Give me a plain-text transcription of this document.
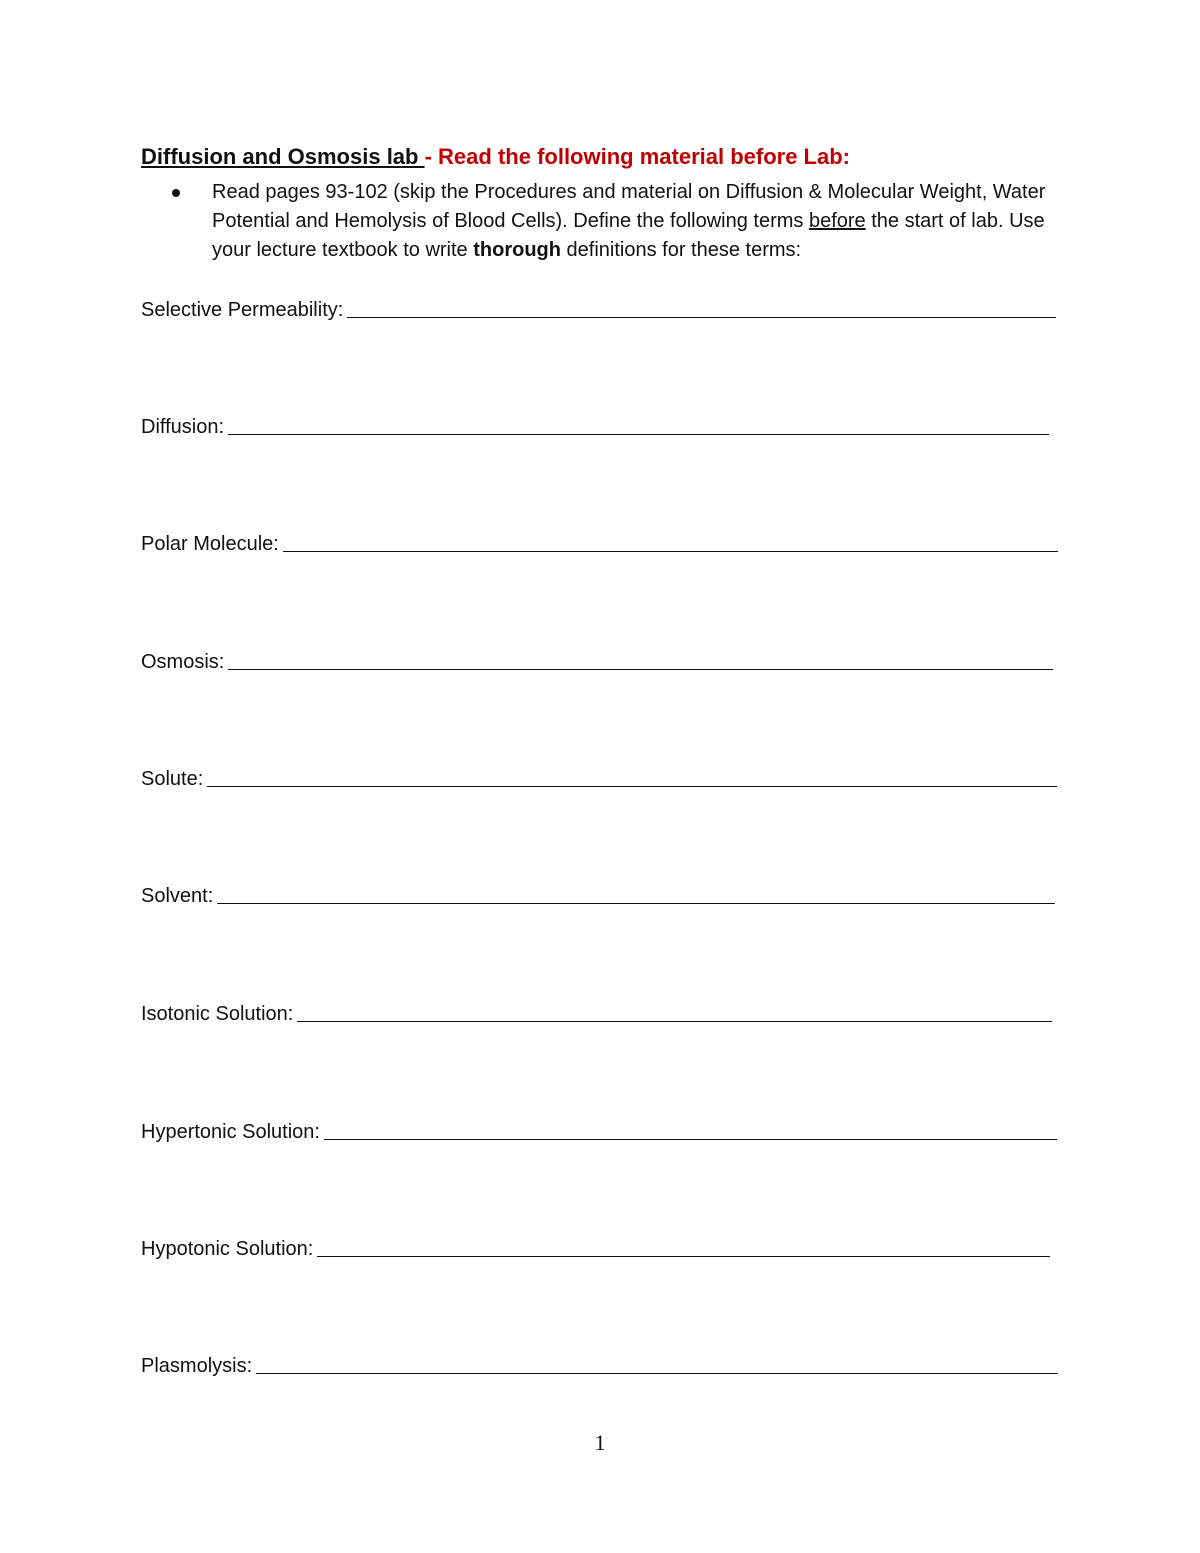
Diffusion and Osmosis lab - Read the following material before Lab:
Read pages 93-102 (skip the Procedures and material on Diffusion & Molecular Weight, Water Potential and Hemolysis of Blood Cells). Define the following terms before the start of lab. Use your lecture textbook to write thorough definitions for these terms:
Selective Permeability:
Diffusion:
Polar Molecule:
Osmosis:
Solute:
Solvent:
Isotonic Solution:
Hypertonic Solution:
Hypotonic Solution:
Plasmolysis:
1
